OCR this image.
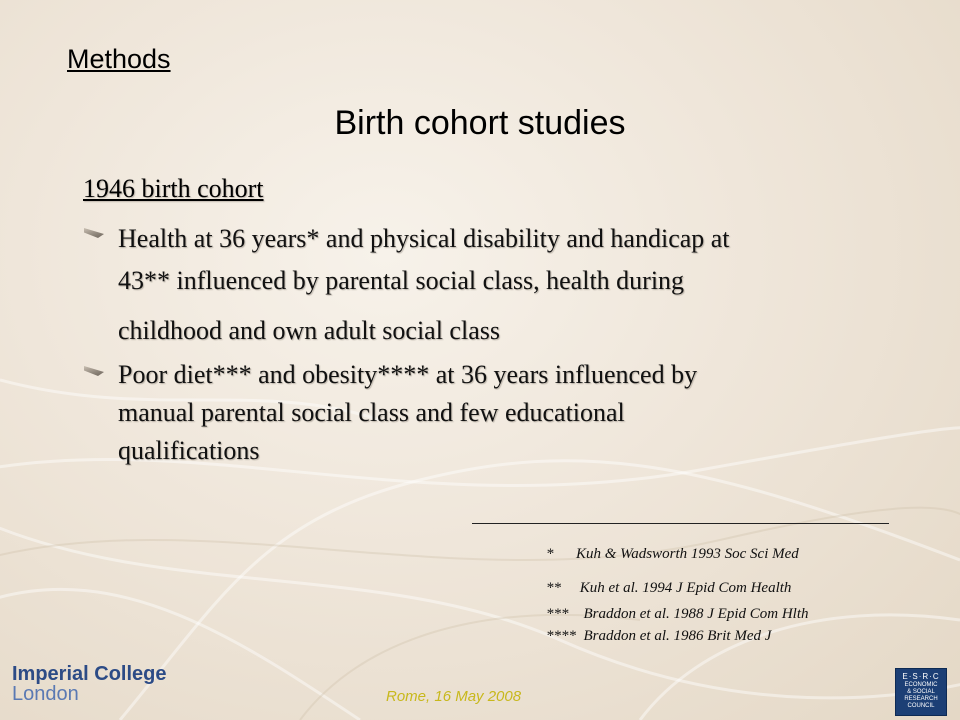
Methods
Birth cohort studies
1946 birth cohort
Health at 36 years* and physical disability and handicap at
43** influenced by parental social class, health during
childhood and own adult social class
Poor diet*** and obesity**** at 36 years influenced by
manual parental social class and few educational
qualifications
*      Kuh & Wadsworth 1993 Soc Sci Med
**     Kuh et al. 1994 J Epid Com Health
***    Braddon et al. 1988 J Epid Com Hlth
****  Braddon et al. 1986 Brit Med J
Imperial College
London	Rome, 16 May 2008
E·S·R·C
ECONOMIC
& SOCIAL
RESEARCH
COUNCIL
